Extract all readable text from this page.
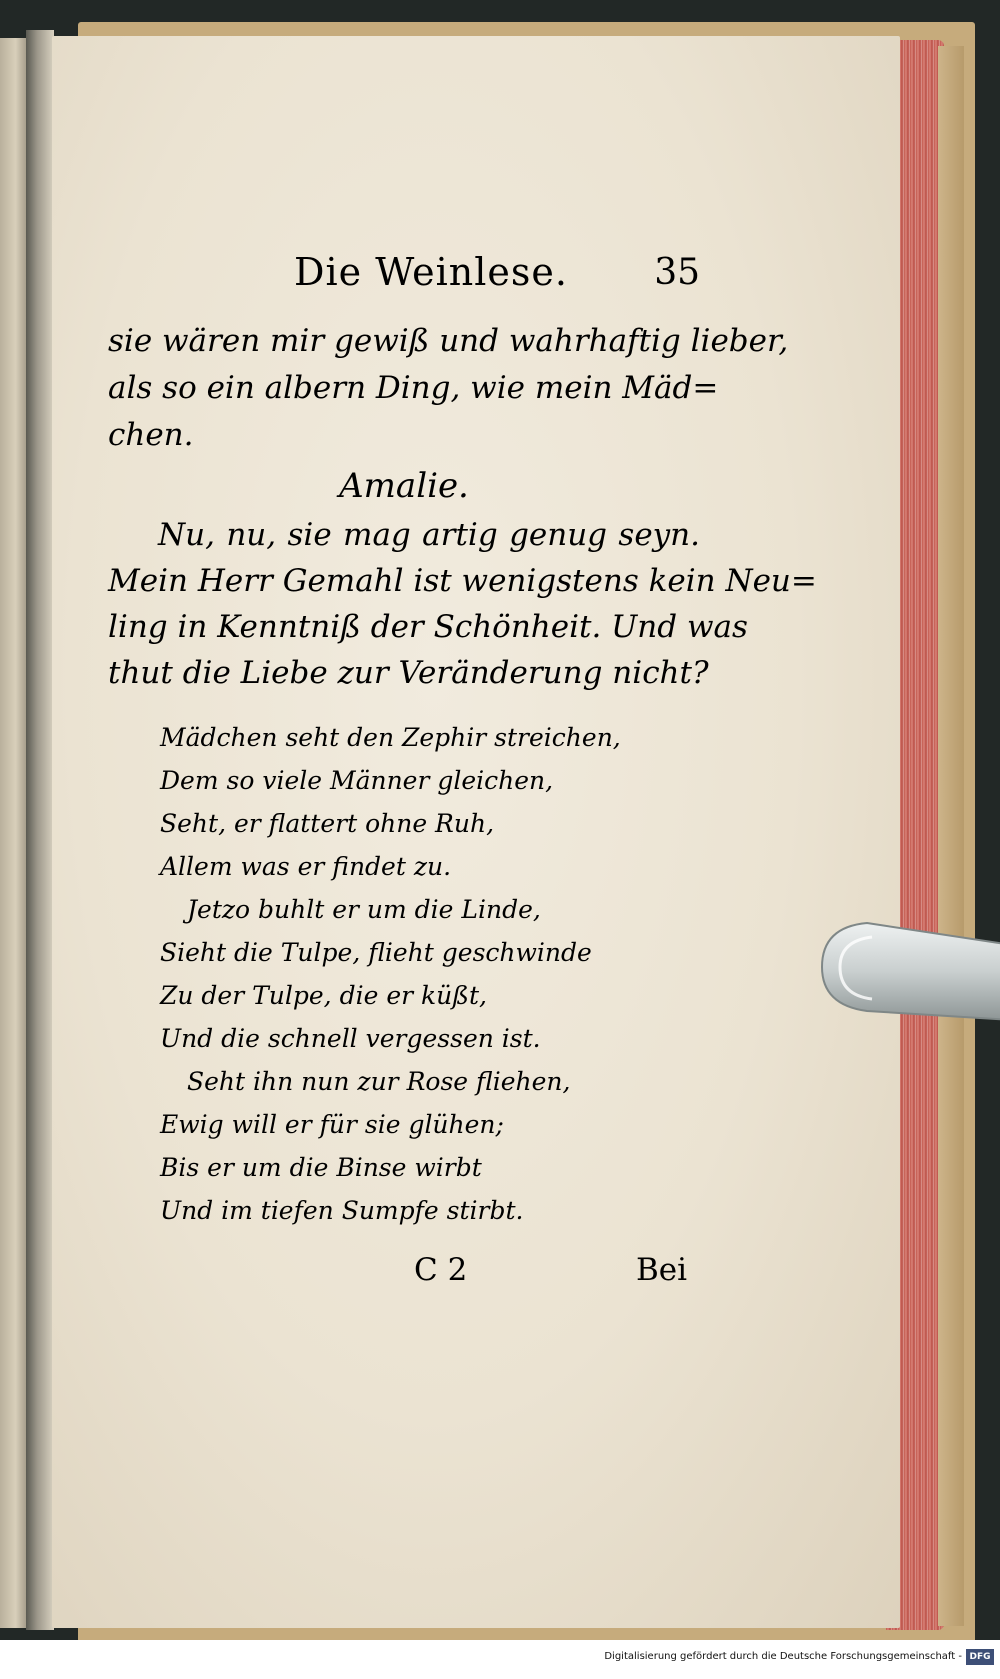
Die Weinlese. 35
sie wären mir gewiß und wahrhaftig lieber,
als so ein albern Ding, wie mein Mäd=
chen.
Amalie.
Nu, nu, sie mag artig genug seyn.
Mein Herr Gemahl ist wenigstens kein Neu=
ling in Kenntniß der Schönheit. Und was
thut die Liebe zur Veränderung nicht?
Mädchen seht den Zephir streichen,
Dem so viele Männer gleichen,
Seht, er flattert ohne Ruh,
Allem was er findet zu.
Jetzo buhlt er um die Linde,
Sieht die Tulpe, flieht geschwinde
Zu der Tulpe, die er küßt,
Und die schnell vergessen ist.
Seht ihn nun zur Rose fliehen,
Ewig will er für sie glühen;
Bis er um die Binse wirbt
Und im tiefen Sumpfe stirbt.
C 2	Bei
Digitalisierung gefördert durch die Deutsche Forschungsgemeinschaft - DFG
